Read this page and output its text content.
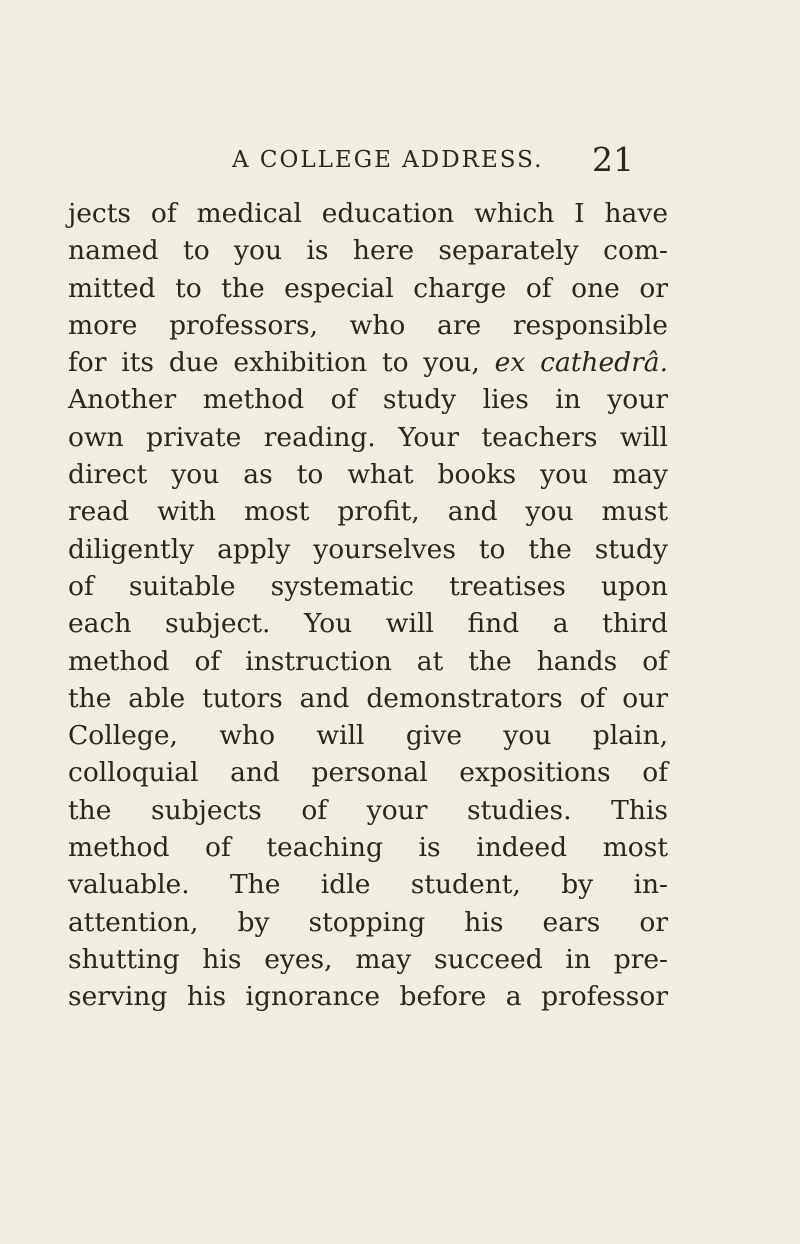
A COLLEGE ADDRESS. 21
jects of medical education which I have
named to you is here separately com-
mitted to the especial charge of one or
more professors, who are responsible
for its due exhibition to you, ex cathedrâ.
Another method of study lies in your
own private reading. Your teachers will
direct you as to what books you may
read with most profit, and you must
diligently apply yourselves to the study
of suitable systematic treatises upon
each subject. You will find a third
method of instruction at the hands of
the able tutors and demonstrators of our
College, who will give you plain,
colloquial and personal expositions of
the subjects of your studies. This
method of teaching is indeed most
valuable. The idle student, by in-
attention, by stopping his ears or
shutting his eyes, may succeed in pre-
serving his ignorance before a professor
